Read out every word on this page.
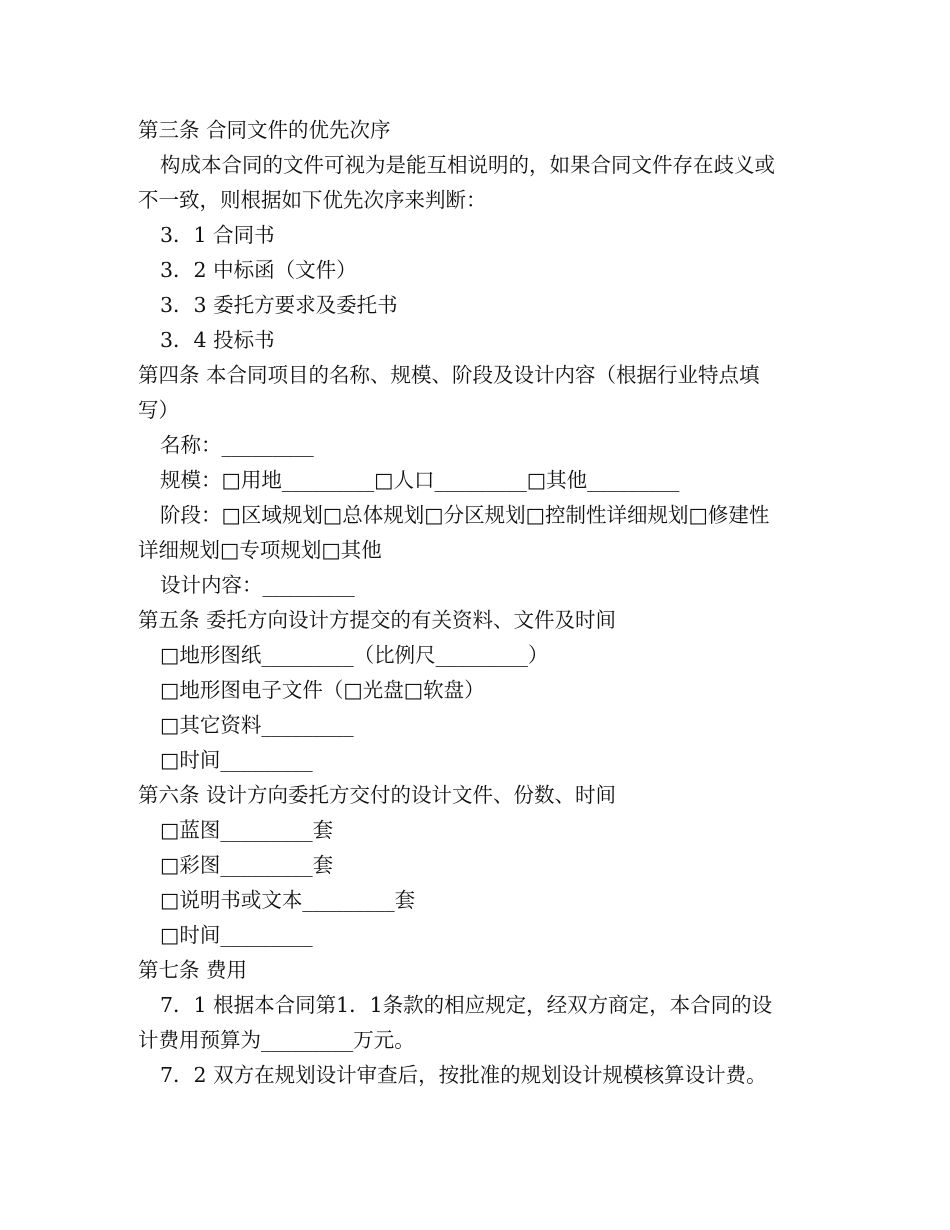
第三条 合同文件的优先次序
构成本合同的文件可视为是能互相说明的，如果合同文件存在歧义或
不一致，则根据如下优先次序来判断：
3．1 合同书
3．2 中标函（文件）
3．3 委托方要求及委托书
3．4 投标书
第四条 本合同项目的名称、规模、阶段及设计内容（根据行业特点填
写）
名称：_________
规模：□用地_________□人口_________□其他_________
阶段：□区域规划□总体规划□分区规划□控制性详细规划□修建性
详细规划□专项规划□其他
设计内容：_________
第五条 委托方向设计方提交的有关资料、文件及时间
□地形图纸_________（比例尺_________）
□地形图电子文件（□光盘□软盘）
□其它资料_________
□时间_________
第六条 设计方向委托方交付的设计文件、份数、时间
□蓝图_________套
□彩图_________套
□说明书或文本_________套
□时间_________
第七条 费用
7．1 根据本合同第1．1条款的相应规定，经双方商定，本合同的设
计费用预算为_________万元。
7．2 双方在规划设计审查后，按批准的规划设计规模核算设计费。
